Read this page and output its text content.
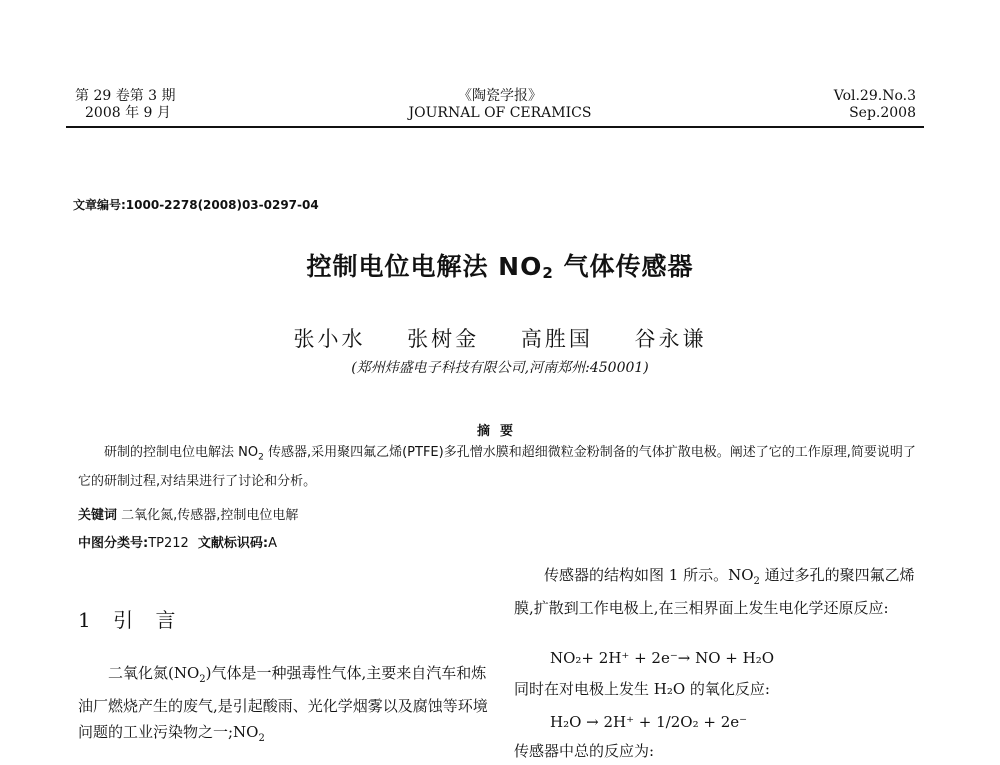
第 29 卷第 3 期
2008 年 9 月
《陶瓷学报》
JOURNAL OF CERAMICS
Vol.29.No.3
Sep.2008
文章编号:1000-2278(2008)03-0297-04
控制电位电解法 $NO_2$ 气体传感器
张小水 张树金 高胜国 谷永谦
(郑州炜盛电子科技有限公司,河南郑州:450001)
摘要
研制的控制电位电解法 $NO_2$ 传感器,采用聚四氟乙烯(PTFE)多孔憎水膜和超细微粒金粉制备的气体扩散电极。阐述了它的工作原理,简要说明了它的研制过程,对结果进行了讨论和分析。
关键词 二氧化氮,传感器,控制电位电解
中图分类号:TP212  文献标识码:A
1 引 言
二氧化氮$(NO_2)$气体是一种强毒性气体,主要来自汽车和炼油厂燃烧产生的废气,是引起酸雨、光化学烟雾以及腐蚀等环境问题的工业污染物之一$;NO_2$
传感器的结构如图 1 所示。$NO_2$ 通过多孔的聚四氟乙烯膜,扩散到工作电极上,在三相界面上发生电化学还原反应:
NO₂+ 2H⁺ + 2e⁻→ NO + H₂O
同时在对电极上发生 H₂O 的氧化反应:
H₂O → 2H⁺ + 1/2O₂ + 2e⁻
传感器中总的反应为:
